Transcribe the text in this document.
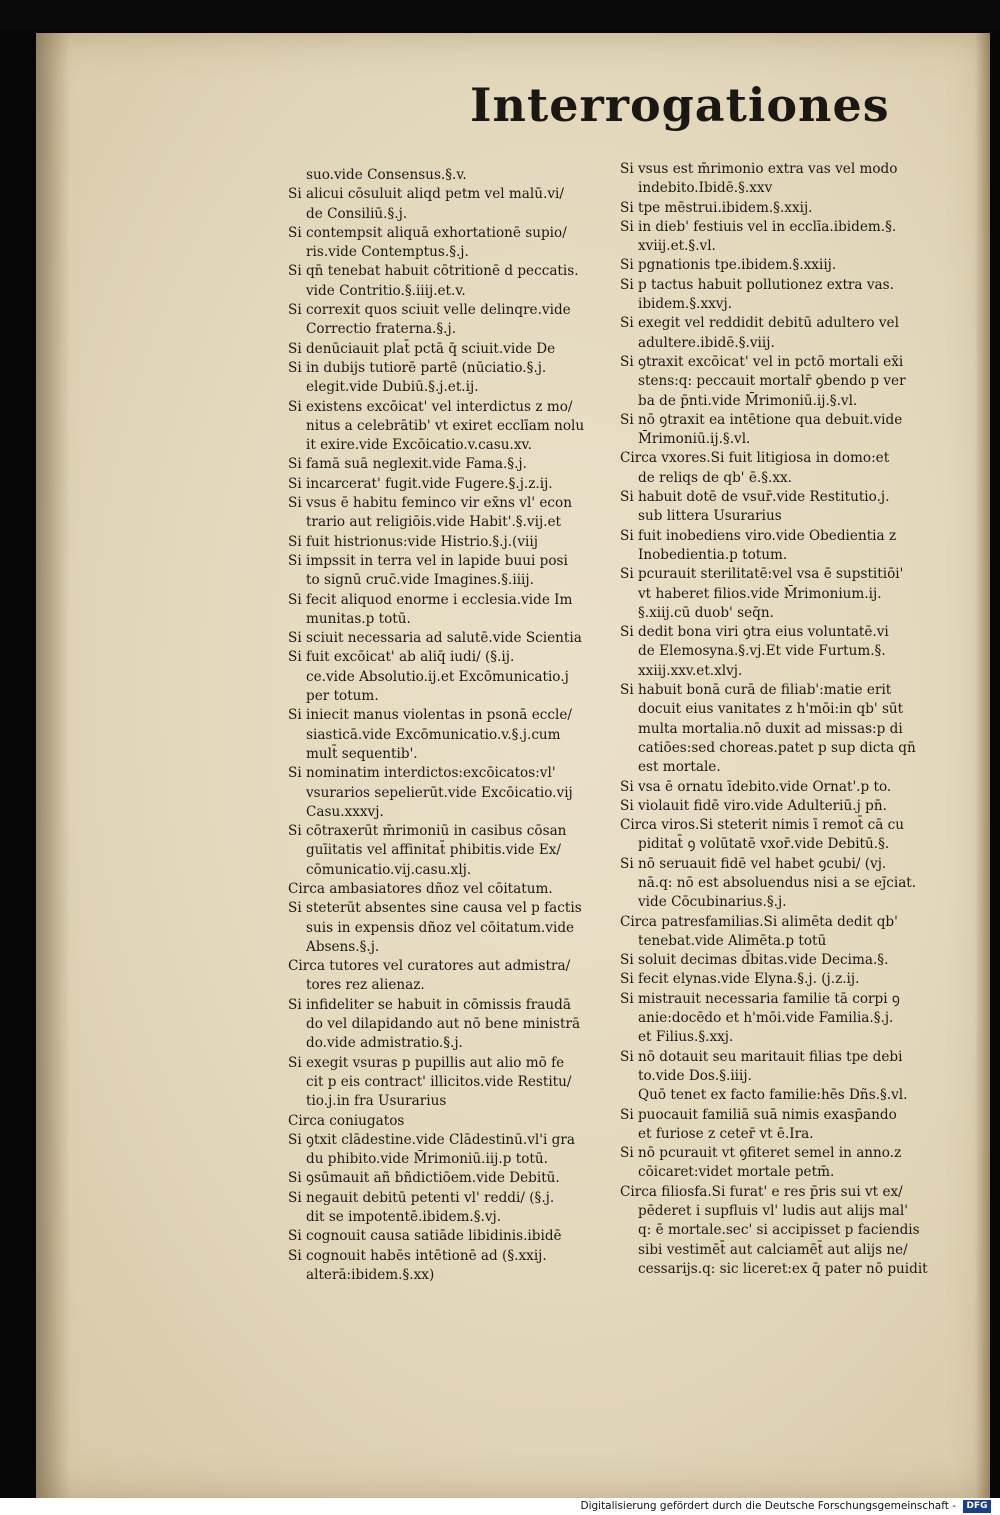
Interrogationes
suo.vide Consensus.§.v.
Si alicui cōsuluit aliqd petm vel malū.vi/
de Consiliū.§.j.
Si contempsit aliquā exhortationē supio/
ris.vide Contemptus.§.j.
Si qn̄ tenebat habuit cōtritionē d peccatis.
vide Contritio.§.iiij.et.v.
Si correxit quos sciuit velle delinqre.vide
Correctio fraterna.§.j.
Si denūciauit plat̄ pctā q̄ sciuit.vide De
Si in dubijs tutiorē partē (nūciatio.§.j.
elegit.vide Dubiū.§.j.et.ij.
Si existens excōicat' vel interdictus z mo/
nitus a celebrātib' vt exiret ecclīam nolu
it exire.vide Excōicatio.v.casu.xv.
Si famā suā neglexit.vide Fama.§.j.
Si incarcerat' fugit.vide Fugere.§.j.z.ij.
Si vsus ē habitu feminco vir ex̄ns vl' econ
trario aut religiōis.vide Habit'.§.vij.et
Si fuit histrionus:vide Histrio.§.j.(viij
Si impssit in terra vel in lapide buui posi
to signū cruc̄.vide Imagines.§.iiij.
Si fecit aliquod enorme i ecclesia.vide Im
munitas.p totū.
Si sciuit necessaria ad salutē.vide Scientia
Si fuit excōicat' ab aliq̄ iudi/ (§.ij.
ce.vide Absolutio.ij.et Excōmunicatio.j
per totum.
Si iniecit manus violentas in psonā eccle/
siasticā.vide Excōmunicatio.v.§.j.cum
mult̄ sequentib'.
Si nominatim interdictos:excōicatos:vl'
vsurarios sepelierūt.vide Excōicatio.vij
Casu.xxxvj.
Si cōtraxerūt m̄rimoniū in casibus cōsan
guīitatis vel affinitat̄ phibitis.vide Ex/
cōmunicatio.vij.casu.xlj.
Circa ambasiatores dñoz vel cōitatum.
Si steterūt absentes sine causa vel p factis
suis in expensis dñoz vel cōitatum.vide
Absens.§.j.
Circa tutores vel curatores aut admistra/
tores rez alienaz.
Si infideliter se habuit in cōmissis fraudā
do vel dilapidando aut nō bene ministrā
do.vide admistratio.§.j.
Si exegit vsuras p pupillis aut alio mō fe
cit p eis contract' illicitos.vide Restitu/
tio.j.in fra Usurarius
Circa coniugatos
Si ꝯtxit clādestine.vide Clādestinū.vl'i gra
du phibito.vide M̄rimoniū.iij.p totū.
Si ꝯsūmauit añ bñdictiōem.vide Debitū.
Si negauit debitū petenti vl' reddi/ (§.j.
dit se impotentē.ibidem.§.vj.
Si cognouit causa satiāde libidinis.ibidē
Si cognouit habēs intētionē ad (§.xxij.
alterā:ibidem.§.xx)
Si vsus est m̄rimonio extra vas vel modo
indebito.Ibidē.§.xxv
Si tpe mēstrui.ibidem.§.xxij.
Si in dieb' festiuis vel in ecclīa.ibidem.§.
xviij.et.§.vl.
Si pgnationis tpe.ibidem.§.xxiij.
Si p tactus habuit pollutionez extra vas.
ibidem.§.xxvj.
Si exegit vel reddidit debitū adultero vel
adultere.ibidē.§.viij.
Si ꝯtraxit excōicat' vel in pctō mortali ex̄i
stens:q: peccauit mortalr̄ ꝯbendo p ver
ba de p̄nti.vide M̄rimoniū.ij.§.vl.
Si nō ꝯtraxit ea intētione qua debuit.vide
M̄rimoniū.ij.§.vl.
Circa vxores.Si fuit litigiosa in domo:et
de reliqs de qb' ē.§.xx.
Si habuit dotē de vsur̄.vide Restitutio.j.
sub littera Usurarius
Si fuit inobediens viro.vide Obedientia z
Inobedientia.p totum.
Si pcurauit sterilitatē:vel vsa ē supstitiōi'
vt haberet filios.vide M̄rimonium.ij.
§.xiij.cū duob' seq̄n.
Si dedit bona viri ꝯtra eius voluntatē.vi
de Elemosyna.§.vj.Et vide Furtum.§.
xxiij.xxv.et.xlvj.
Si habuit bonā curā de filiab':matie erit
docuit eius vanitates z h'mōi:in qb' sūt
multa mortalia.nō duxit ad missas:p di
catiōes:sed choreas.patet p sup dicta qn̄
est mortale.
Si vsa ē ornatu īdebito.vide Ornat'.p to.
Si violauit fidē viro.vide Adulteriū.j pn̄.
Circa viros.Si steterit nimis ī remot̄ cā cu
piditat̄ ꝯ volūtatē vxor̄.vide Debitū.§.
Si nō seruauit fidē vel habet ꝯcubi/ (vj.
nā.q: nō est absoluendus nisi a se ej̄ciat.
vide Cōcubinarius.§.j.
Circa patresfamilias.Si alimēta dedit qb'
tenebat.vide Alimēta.p totū
Si soluit decimas d̄bitas.vide Decima.§.
Si fecit elynas.vide Elyna.§.j. (j.z.ij.
Si mistrauit necessaria familie tā corpi ꝯ
anie:docēdo et h'mōi.vide Familia.§.j.
et Filius.§.xxj.
Si nō dotauit seu maritauit filias tpe debi
to.vide Dos.§.iiij.
Quō tenet ex facto familie:hēs Dñs.§.vl.
Si puocauit familiā suā nimis exasp̄ando
et furiose z ceter̄ vt ē.Ira.
Si nō pcurauit vt ꝯfiteret semel in anno.z
cōicaret:videt mortale petm̄.
Circa filiosfa.Si furat' e res p̄ris sui vt ex/
pēderet i supfluis vl' ludis aut alijs mal'
q: ē mortale.sec' si accipisset p faciendis
sibi vestimēt̄ aut calciamēt̄ aut alijs ne/
cessarijs.q: sic liceret:ex q̄ pater nō puidit
Digitalisierung gefördert durch die Deutsche Forschungsgemeinschaft -	DFG
